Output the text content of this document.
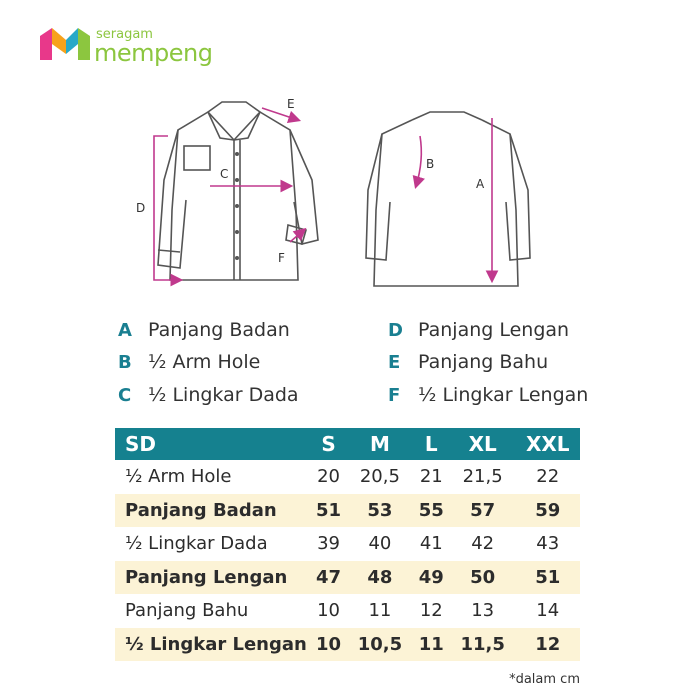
seragam
mempeng
D
C
E
F
B
A
A Panjang Badan
B ½ Arm Hole
C ½ Lingkar Dada
D Panjang Lengan
E Panjang Bahu
F ½ Lingkar Lengan
SD	S	M	L	XL	XXL
½ Arm Hole	20	20,5	21	21,5	22
Panjang Badan	51	53	55	57	59
½ Lingkar Dada	39	40	41	42	43
Panjang Lengan	47	48	49	50	51
Panjang Bahu	10	11	12	13	14
½ Lingkar Lengan	10	10,5	11	11,5	12
*dalam cm
